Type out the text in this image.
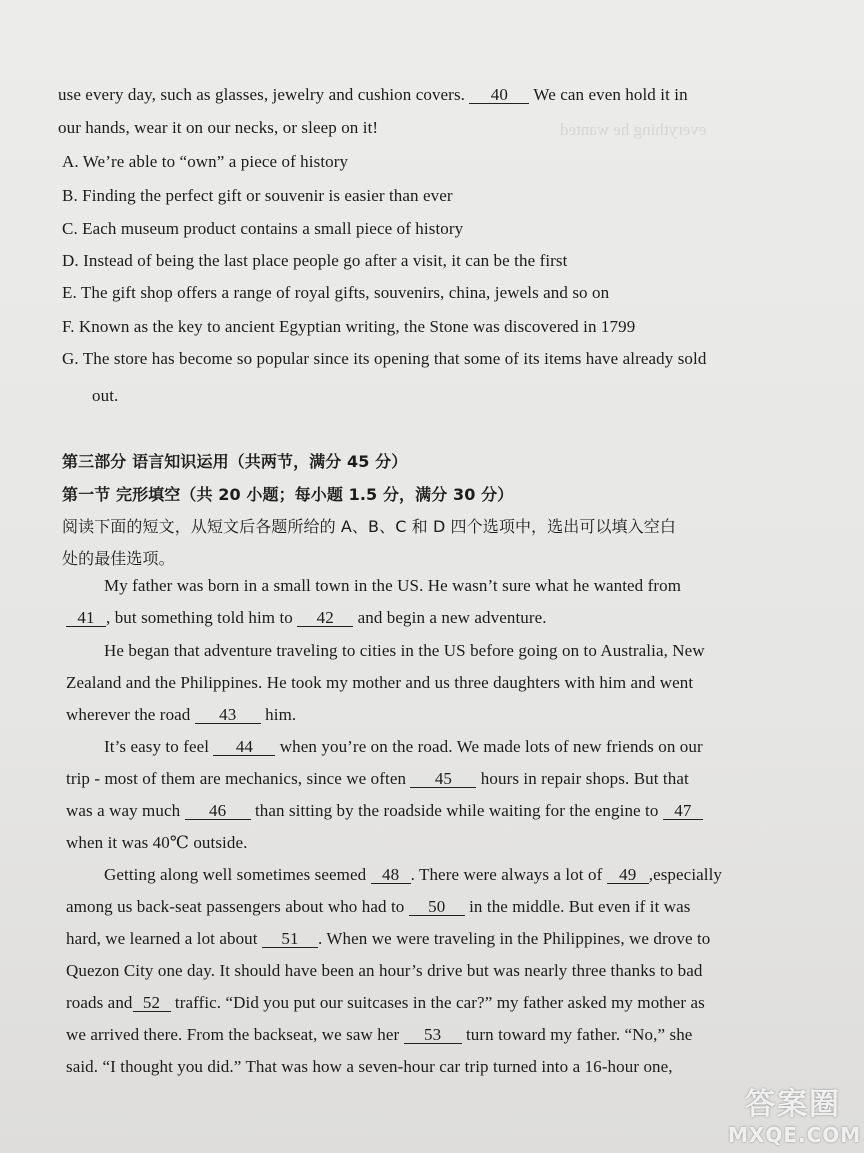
everything he wanted
use every day, such as glasses, jewelry and cushion covers. 40 We can even hold it in
our hands, wear it on our necks, or sleep on it!
A. We’re able to “own” a piece of history
B. Finding the perfect gift or souvenir is easier than ever
C. Each museum product contains a small piece of history
D. Instead of being the last place people go after a visit, it can be the first
E. The gift shop offers a range of royal gifts, souvenirs, china, jewels and so on
F. Known as the key to ancient Egyptian writing, the Stone was discovered in 1799
G. The store has become so popular since its opening that some of its items have already sold
out.
第三部分 语言知识运用（共两节，满分 45 分）
第一节 完形填空（共 20 小题；每小题 1.5 分，满分 30 分）
阅读下面的短文，从短文后各题所给的 A、B、C 和 D 四个选项中，选出可以填入空白
处的最佳选项。
My father was born in a small town in the US. He wasn’t sure what he wanted from
41 , but something told him to 42 and begin a new adventure.
He began that adventure traveling to cities in the US before going on to Australia, New
Zealand and the Philippines. He took my mother and us three daughters with him and went
wherever the road 43 him.
It’s easy to feel 44 when you’re on the road. We made lots of new friends on our
trip - most of them are mechanics, since we often 45 hours in repair shops. But that
was a way much 46 than sitting by the roadside while waiting for the engine to 47
when it was 40℃ outside.
Getting along well sometimes seemed 48 . There were always a lot of 49 ,especially
among us back-seat passengers about who had to 50 in the middle. But even if it was
hard, we learned a lot about 51 . When we were traveling in the Philippines, we drove to
Quezon City one day. It should have been an hour’s drive but was nearly three thanks to bad
roads and 52 traffic. “Did you put our suitcases in the car?” my father asked my mother as
we arrived there. From the backseat, we saw her 53 turn toward my father. “No,” she
said. “I thought you did.” That was how a seven-hour car trip turned into a 16-hour one,
答案圈
MXQE.COM
